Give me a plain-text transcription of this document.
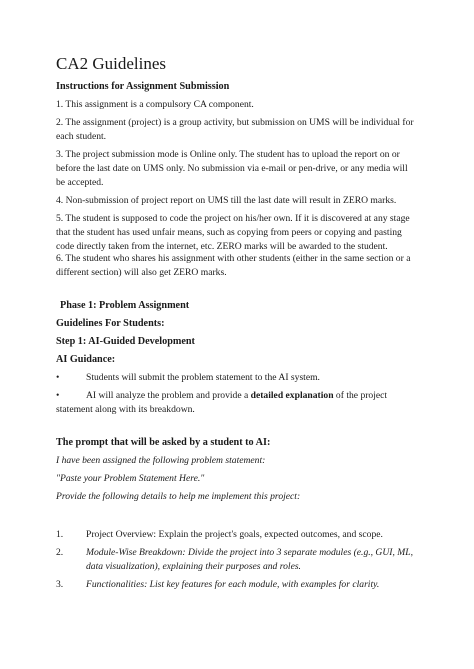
CA2 Guidelines

Instructions for Assignment Submission

1. This assignment is a compulsory CA component.

2. The assignment (project) is a group activity, but submission on UMS will be individual for each student.

3. The project submission mode is Online only. The student has to upload the report on or before the last date on UMS only. No submission via e-mail or pen-drive, or any media will be accepted.

4. Non-submission of project report on UMS till the last date will result in ZERO marks.

5. The student is supposed to code the project on his/her own. If it is discovered at any stage that the student has used unfair means, such as copying from peers or copying and pasting code directly taken from the internet, etc. ZERO marks will be awarded to the student.

6. The student who shares his assignment with other students (either in the same section or a different section) will also get ZERO marks.

Phase 1: Problem Assignment

Guidelines For Students:

Step 1: AI-Guided Development

AI Guidance:

•	Students will submit the problem statement to the AI system.
•	AI will analyze the problem and provide a detailed explanation of the project statement along with its breakdown.

The prompt that will be asked by a student to AI:

I have been assigned the following problem statement:

"Paste your Problem Statement Here."

Provide the following details to help me implement this project:

1.	Project Overview: Explain the project's goals, expected outcomes, and scope.
2.	Module-Wise Breakdown: Divide the project into 3 separate modules (e.g., GUI, ML, data visualization), explaining their purposes and roles.
3.	Functionalities: List key features for each module, with examples for clarity.
